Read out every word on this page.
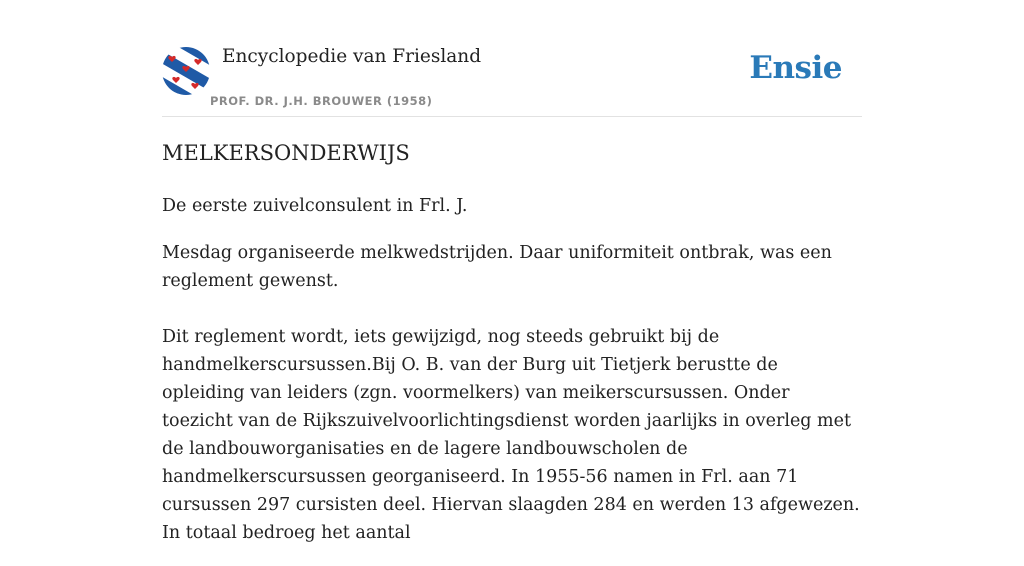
Encyclopedie van Friesland
PROF. DR. J.H. BROUWER (1958)
Ensie
MELKERSONDERWIJS

De eerste zuivelconsulent in Frl. J.

Mesdag organiseerde melkwedstrijden. Daar uniformiteit ontbrak, was een reglement gewenst.

Dit reglement wordt, iets gewijzigd, nog steeds gebruikt bij de handmelkerscursussen.Bij O. B. van der Burg uit Tietjerk berustte de opleiding van leiders (zgn. voormelkers) van meikerscursussen. Onder toezicht van de Rijkszuivelvoorlichtingsdienst worden jaarlijks in overleg met de landbouworganisaties en de lagere landbouwscholen de handmelkerscursussen georganiseerd. In 1955-56 namen in Frl. aan 71 cursussen 297 cursisten deel. Hiervan slaagden 284 en werden 13 afgewezen. In totaal bedroeg het aantal
